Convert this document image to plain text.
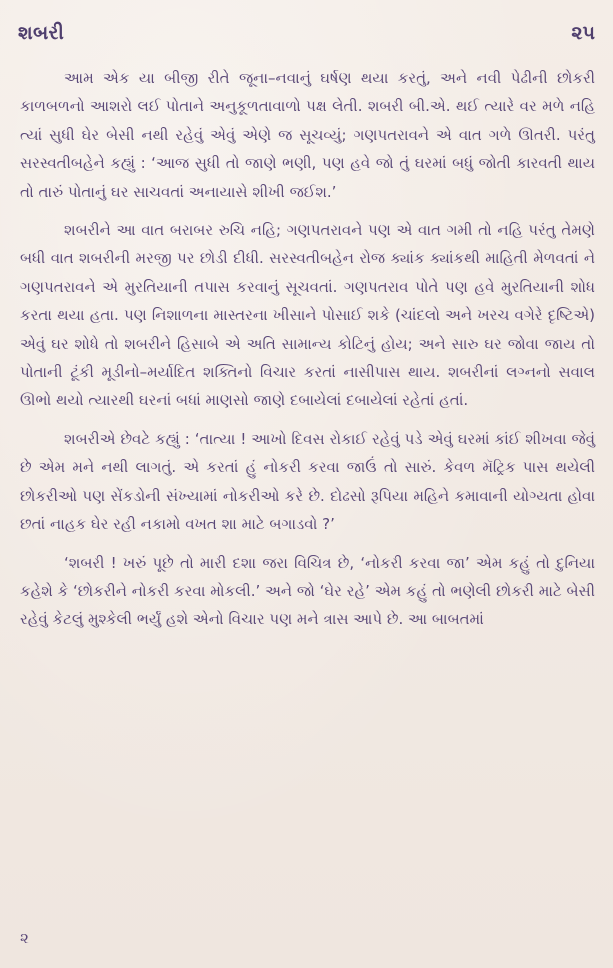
શબરી	૨૫

આમ એક યા બીજી રીતે જૂના–નવાનું ઘર્ષણ થયા કરતું, અને નવી પેઢીની છોકરી કાળબળનો આશરો લઈ પોતાને અનુકૂળતાવાળો પક્ષ લેતી. શબરી બી.એ. થઈ ત્યારે વર મળે નહિ ત્યાં સુધી ઘેર બેસી નથી રહેવું એવું એણે જ સૂચવ્યું; ગણપતરાવને એ વાત ગળે ઊતરી. પરંતુ સરસ્વતીબહેને કહ્યું : ‘આજ સુધી તો જાણે ભણી, પણ હવે જો તું ઘરમાં બધું જોતી કારવતી થાય તો તારું પોતાનું ઘર સાચવતાં અનાયાસે શીખી જઈશ.’

શબરીને આ વાત બરાબર રુચિ નહિ; ગણપતરાવને પણ એ વાત ગમી તો નહિ પરંતુ તેમણે બધી વાત શબરીની મરજી પર છોડી દીધી. સરસ્વતીબહેન રોજ ક્યાંક ક્યાંકથી માહિતી મેળવતાં ને ગણપતરાવને એ મુરતિયાની તપાસ કરવાનું સૂચવતાં. ગણપતરાવ પોતે પણ હવે મુરતિયાની શોધ કરતા થયા હતા. પણ નિશાળના માસ્તરના ખીસાને પોસાઈ શકે (ચાંદલો અને ખરચ વગેરે દૃષ્ટિએ) એવું ઘર શોધે તો શબરીને હિસાબે એ અતિ સામાન્ય કોટિનું હોય; અને સારુ ઘર જોવા જાય તો પોતાની ટૂંકી મૂડીનો–મર્યાદિત શક્તિનો વિચાર કરતાં નાસીપાસ થાય. શબરીનાં લગ્નનો સવાલ ઊભો થયો ત્યારથી ઘરનાં બધાં માણસો જાણે દબાયેલાં દબાયેલાં રહેતાં હતાં.

શબરીએ છેવટે કહ્યું : ‘તાત્યા ! આખો દિવસ રોકાઈ રહેવું પડે એવું ઘરમાં કાંઈ શીખવા જેવું છે એમ મને નથી લાગતું. એ કરતાં હું નોકરી કરવા જાઉં તો સારું. કેવળ મૅટ્રિક પાસ થયેલી છોકરીઓ પણ સેંકડોની સંખ્યામાં નોકરીઓ કરે છે. દોઢસો રૂપિયા મહિને કમાવાની યોગ્યતા હોવા છતાં નાહક ઘેર રહી નકામો વખત શા માટે બગાડવો ?’

‘શબરી ! ખરું પૂછે તો મારી દશા જરા વિચિત્ર છે, ‘નોકરી કરવા જા’ એમ કહું તો દુનિયા કહેશે કે ‘છોકરીને નોકરી કરવા મોકલી.’ અને જો ‘ઘેર રહે’ એમ કહું તો ભણેલી છોકરી માટે બેસી રહેવું કેટલું મુશ્કેલી ભર્યું હશે એનો વિચાર પણ મને ત્રાસ આપે છે. આ બાબતમાં

૨
